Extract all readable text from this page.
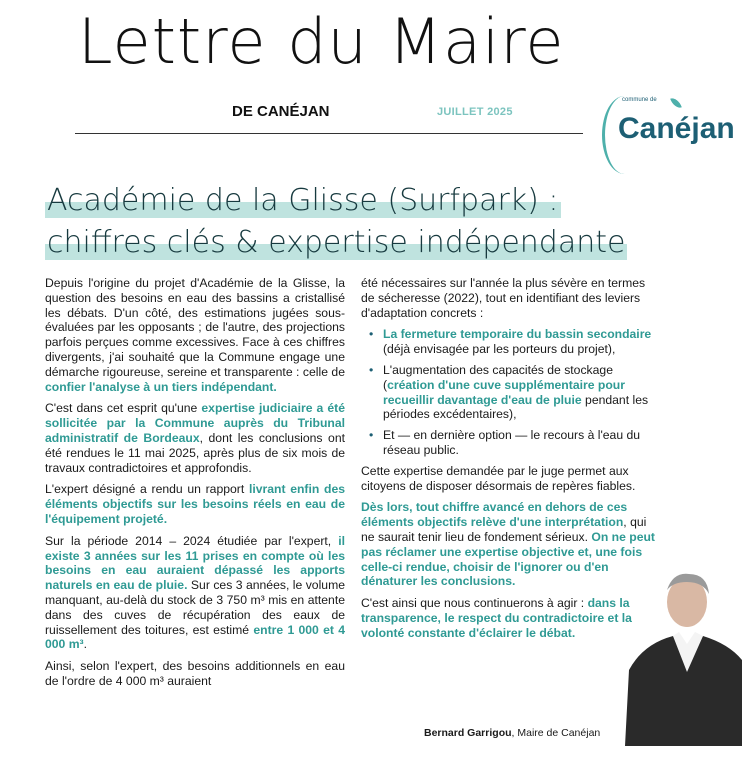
Lettre du Maire
DE CANÉJAN	JUILLET 2025
commune de
Canéjan
Académie de la Glisse (Surfpark) :
chiffres clés & expertise indépendante

Depuis l'origine du projet d'Académie de la Glisse, la question des besoins en eau des bassins a cristallisé les débats. D'un côté, des estimations jugées sous-évaluées par les opposants ; de l'autre, des projections parfois perçues comme excessives. Face à ces chiffres divergents, j'ai souhaité que la Commune engage une démarche rigoureuse, sereine et transparente : celle de confier l'analyse à un tiers indépendant.

C'est dans cet esprit qu'une expertise judiciaire a été sollicitée par la Commune auprès du Tribunal administratif de Bordeaux, dont les conclusions ont été rendues le 11 mai 2025, après plus de six mois de travaux contradictoires et approfondis.

L'expert désigné a rendu un rapport livrant enfin des éléments objectifs sur les besoins réels en eau de l'équipement projeté.

Sur la période 2014 – 2024 étudiée par l'expert, il existe 3 années sur les 11 prises en compte où les besoins en eau auraient dépassé les apports naturels en eau de pluie. Sur ces 3 années, le volume manquant, au-delà du stock de 3 750 m³ mis en attente dans des cuves de récupération des eaux de ruissellement des toitures, est estimé entre 1 000 et 4 000 m³.

Ainsi, selon l'expert, des besoins additionnels en eau de l'ordre de 4 000 m³ auraient

été nécessaires sur l'année la plus sévère en termes de sécheresse (2022), tout en identifiant des leviers d'adaptation concrets :

• La fermeture temporaire du bassin secondaire (déjà envisagée par les porteurs du projet),
• L'augmentation des capacités de stockage (création d'une cuve supplémentaire pour recueillir davantage d'eau de pluie pendant les périodes excédentaires),
• Et — en dernière option — le recours à l'eau du réseau public.

Cette expertise demandée par le juge permet aux citoyens de disposer désormais de repères fiables.

Dès lors, tout chiffre avancé en dehors de ces éléments objectifs relève d'une interprétation, qui ne saurait tenir lieu de fondement sérieux. On ne peut pas réclamer une expertise objective et, une fois celle-ci rendue, choisir de l'ignorer ou d'en dénaturer les conclusions.

C'est ainsi que nous continuerons à agir : dans la transparence, le respect du contradictoire et la volonté constante d'éclairer le débat.

Bernard Garrigou, Maire de Canéjan
